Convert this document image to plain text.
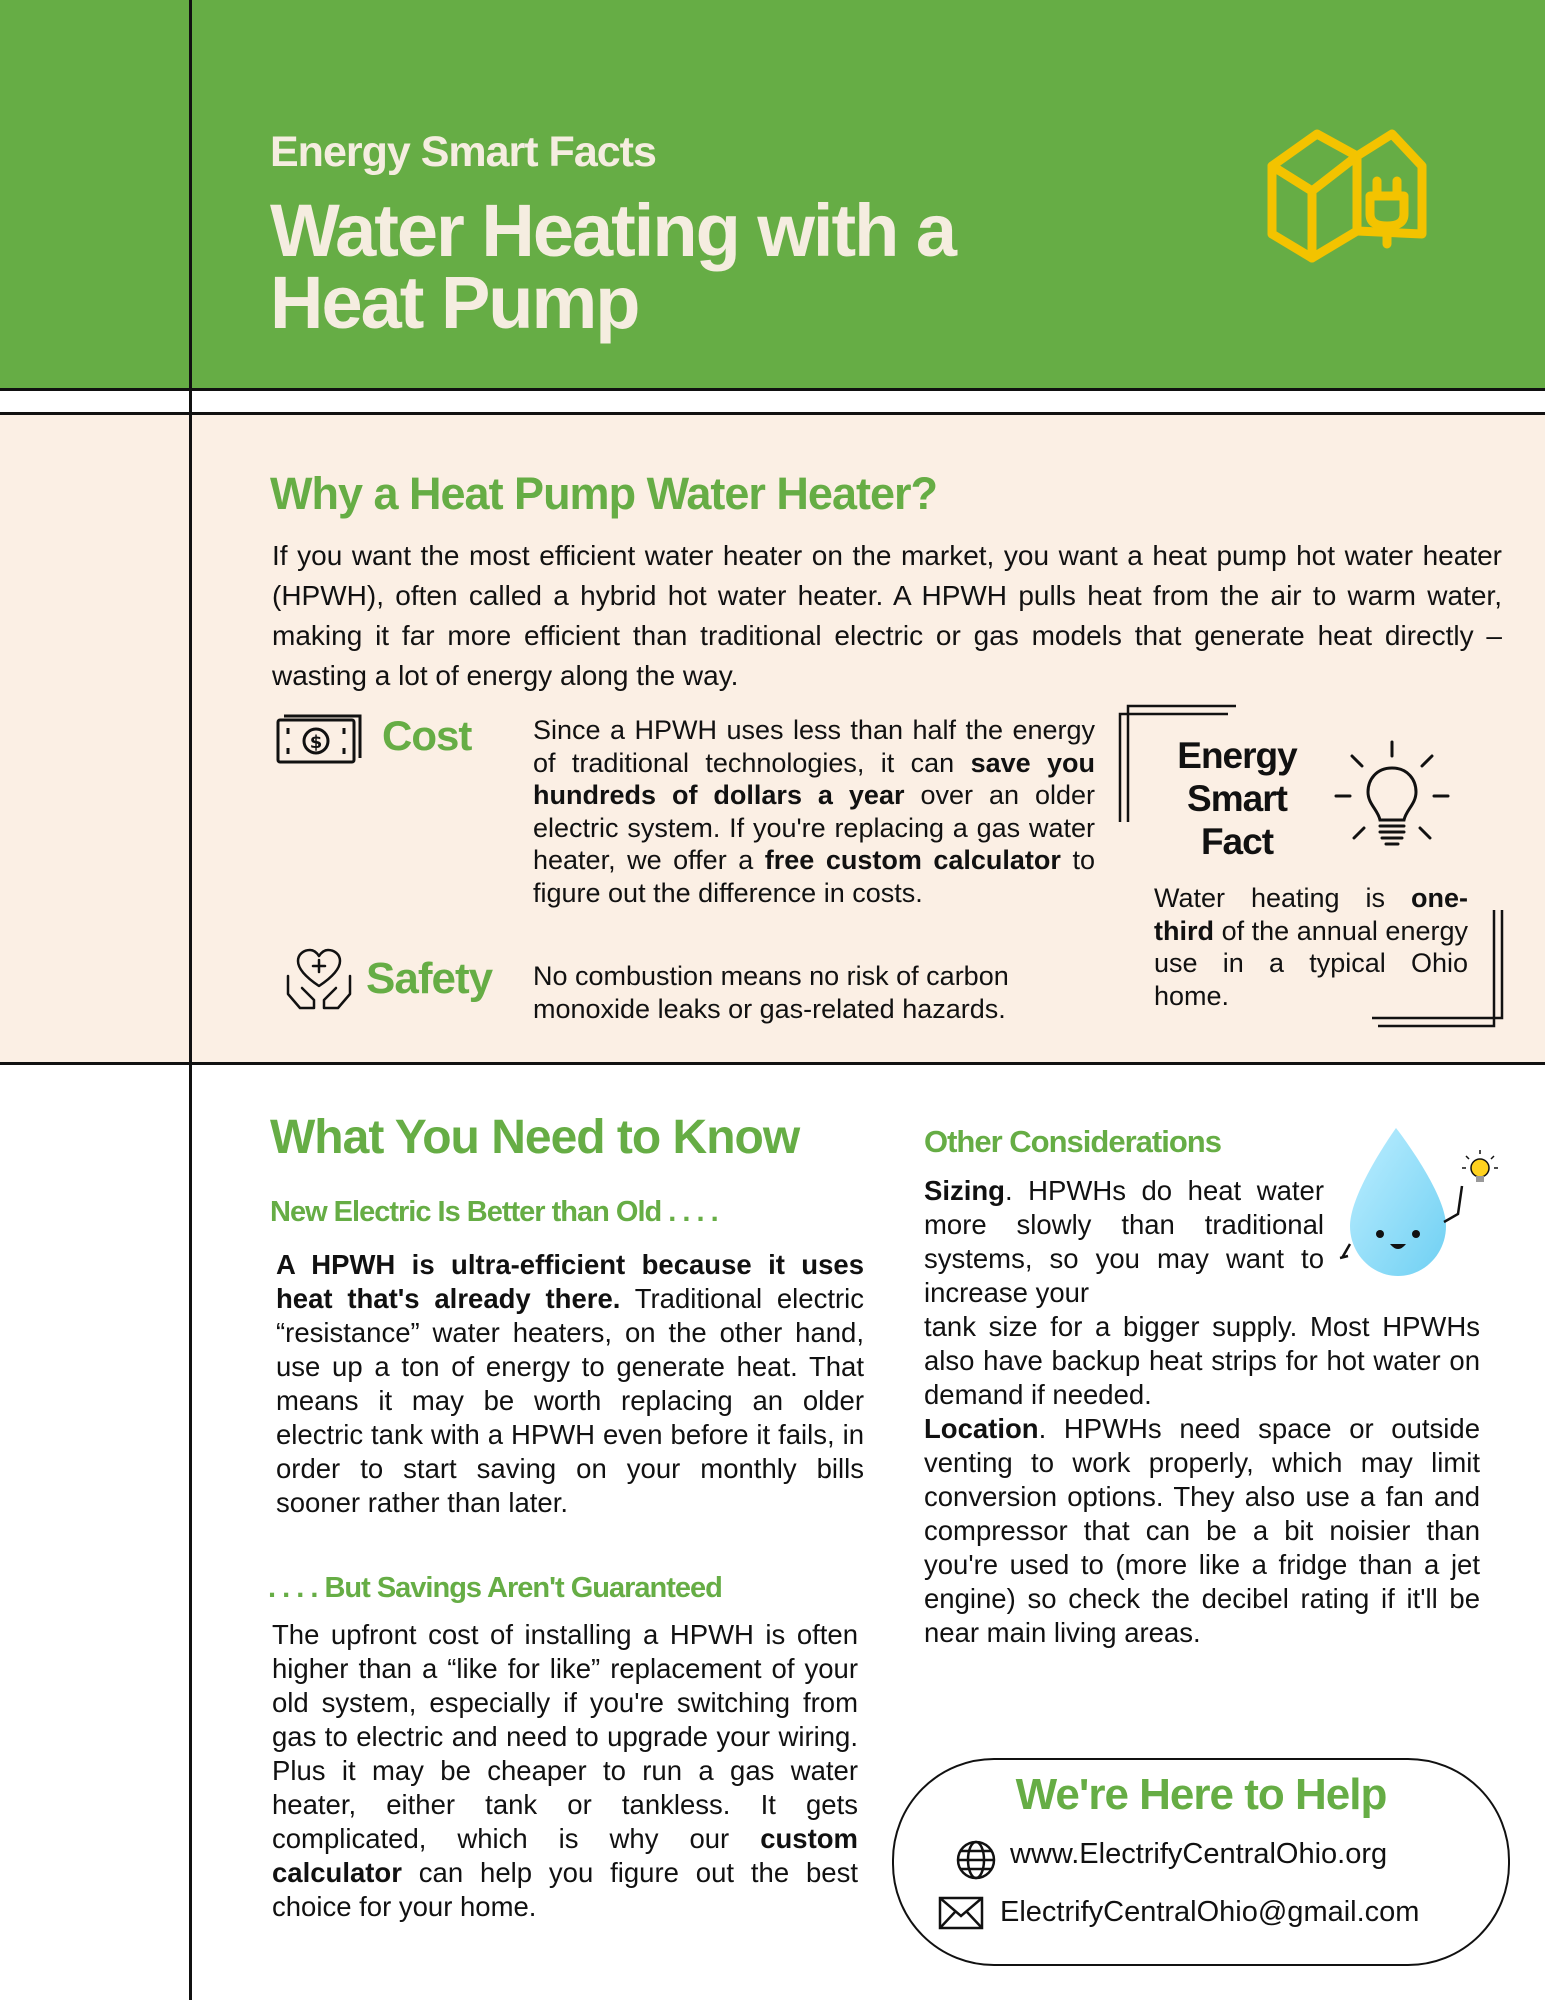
Energy Smart Facts
Water Heating with a
Heat Pump
Why a Heat Pump Water Heater?
If you want the most efficient water heater on the market, you want a heat pump hot water heater (HPWH), often called a hybrid hot water heater. A HPWH pulls heat from the air to warm water, making it far more efficient than traditional electric or gas models that generate heat directly – wasting a lot of energy along the way.
$ Cost Since a HPWH uses less than half the energy of traditional technologies, it can save you hundreds of dollars a year over an older electric system. If you're replacing a gas water heater, we offer a free custom calculator to figure out the difference in costs.
Safety No combustion means no risk of carbon monoxide leaks or gas-related hazards.
Energy
Smart
Fact
Water heating is one-third of the annual energy use in a typical Ohio home.
What You Need to Know
New Electric Is Better than Old . . . .
A HPWH is ultra-efficient because it uses heat that's already there. Traditional electric “resistance” water heaters, on the other hand, use up a ton of energy to generate heat. That means it may be worth replacing an older electric tank with a HPWH even before it fails, in order to start saving on your monthly bills sooner rather than later.
. . . . But Savings Aren't Guaranteed
The upfront cost of installing a HPWH is often higher than a “like for like” replacement of your old system, especially if you're switching from gas to electric and need to upgrade your wiring. Plus it may be cheaper to run a gas water heater, either tank or tankless. It gets complicated, which is why our custom calculator can help you figure out the best choice for your home.
Other Considerations
Sizing. HPWHs do heat water more slowly than traditional systems, so you may want to increase your
tank size for a bigger supply. Most HPWHs also have backup heat strips for hot water on demand if needed.
Location. HPWHs need space or outside venting to work properly, which may limit conversion options. They also use a fan and compressor that can be a bit noisier than you're used to (more like a fridge than a jet engine) so check the decibel rating if it'll be near main living areas.
We're Here to Help
www.ElectrifyCentralOhio.org
ElectrifyCentralOhio@gmail.com
